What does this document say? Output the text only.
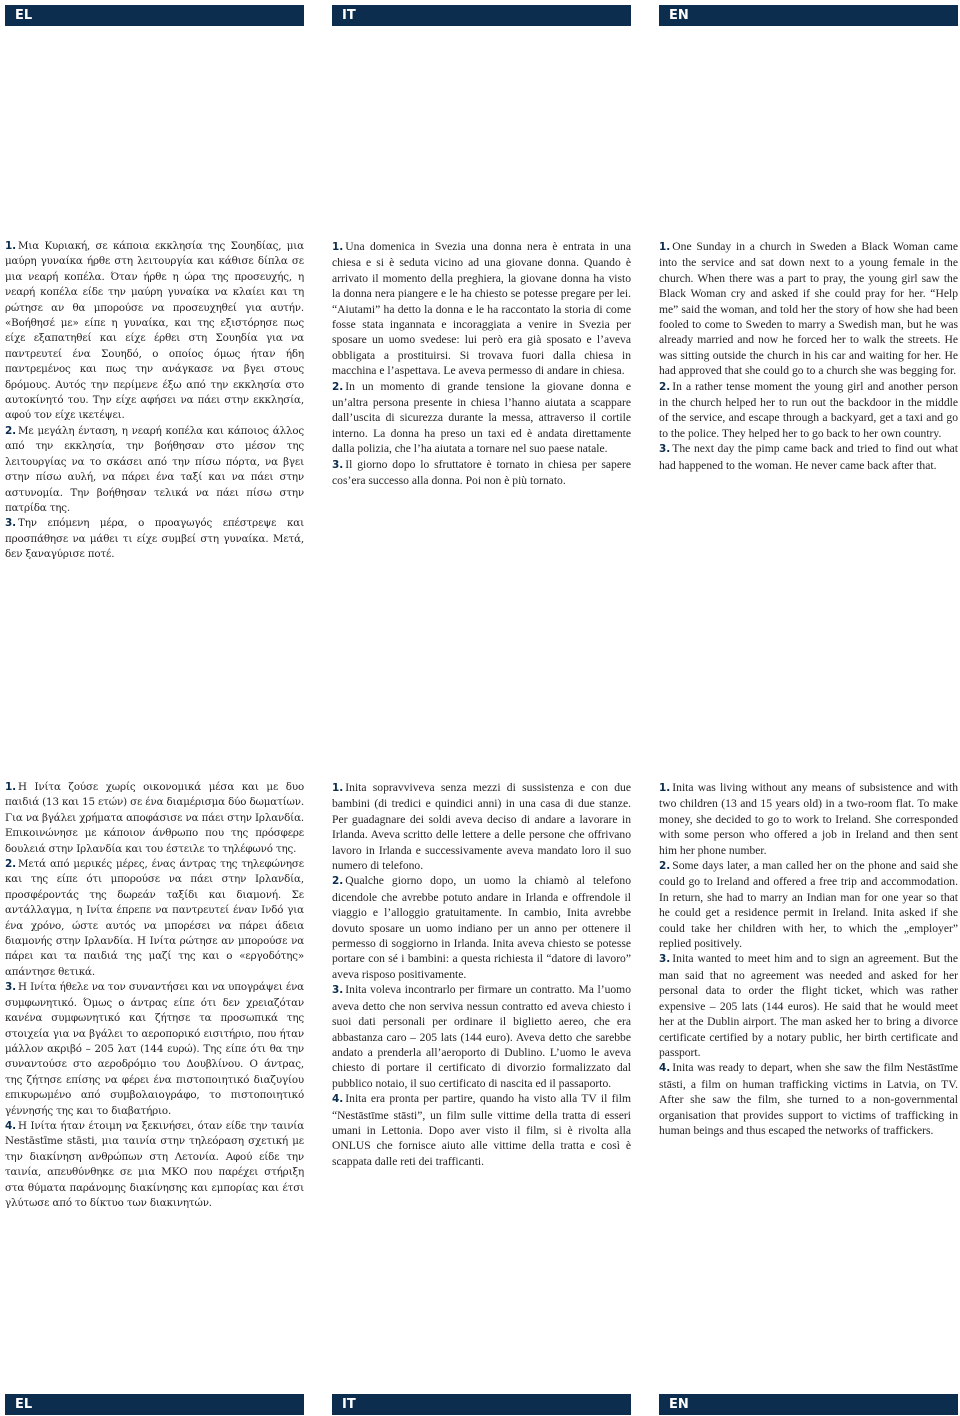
EL	IT	EN

1. Μια Κυριακή, σε κάποια εκκλησία της Σουηδίας, μια μαύρη γυναίκα ήρθε στη λειτουργία και κάθισε δίπλα σε μια νεαρή κοπέλα. Όταν ήρθε η ώρα της προσευχής, η νεαρή κοπέλα είδε την μαύρη γυναίκα να κλαίει και τη ρώτησε αν θα μπορούσε να προσευχηθεί για αυτήν. «Βοήθησέ με» είπε η γυναίκα, και της εξιστόρησε πως είχε εξαπατηθεί και είχε έρθει στη Σουηδία για να παντρευτεί ένα Σουηδό, ο οποίος όμως ήταν ήδη παντρεμένος και πως την ανάγκασε να βγει στους δρόμους. Αυτός την περίμενε έξω από την εκκλησία στο αυτοκίνητό του. Την είχε αφήσει να πάει στην εκκλησία, αφού τον είχε ικετέψει.

2. Με μεγάλη ένταση, η νεαρή κοπέλα και κάποιος άλλος από την εκκλησία, την βοήθησαν στο μέσον της λειτουργίας να το σκάσει από την πίσω πόρτα, να βγει στην πίσω αυλή, να πάρει ένα ταξί και να πάει στην αστυνομία. Την βοήθησαν τελικά να πάει πίσω στην πατρίδα της.

3. Την επόμενη μέρα, ο προαγωγός επέστρεψε και προσπάθησε να μάθει τι είχε συμβεί στη γυναίκα. Μετά, δεν ξαναγύρισε ποτέ.

1. Una domenica in Svezia una donna nera è entrata in una chiesa e si è seduta vicino ad una giovane donna. Quando è arrivato il momento della preghiera, la giovane donna ha visto la donna nera piangere e le ha chiesto se potesse pregare per lei. “Aiutami” ha detto la donna e le ha raccontato la storia di come fosse stata ingannata e incoraggiata a venire in Svezia per sposare un uomo svedese: lui però era già sposato e l’aveva obbligata a prostituirsi. Si trovava fuori dalla chiesa in macchina e l’aspettava. Le aveva permesso di andare in chiesa.

2. In un momento di grande tensione la giovane donna e un’altra persona presente in chiesa l’hanno aiutata a scappare dall’uscita di sicurezza durante la messa, attraverso il cortile interno. La donna ha preso un taxi ed è andata direttamente dalla polizia, che l’ha aiutata a tornare nel suo paese natale.

3. Il giorno dopo lo sfruttatore è tornato in chiesa per sapere cos’era successo alla donna. Poi non è più tornato.

1. One Sunday in a church in Sweden a Black Woman came into the service and sat down next to a young female in the church. When there was a part to pray, the young girl saw the Black Woman cry and asked if she could pray for her. “Help me” said the woman, and told her the story of how she had been fooled to come to Sweden to marry a Swedish man, but he was already married and now he forced her to walk the streets. He was sitting outside the church in his car and waiting for her. He had approved that she could go to a church she was begging for.

2. In a rather tense moment the young girl and another person in the church helped her to run out the backdoor in the middle of the service, and escape through a backyard, get a taxi and go to the police. They helped her to go back to her own country.

3. The next day the pimp came back and tried to find out what had happened to the woman. He never came back after that.

1. Η Ινίτα ζούσε χωρίς οικονομικά μέσα και με δυο παιδιά (13 και 15 ετών) σε ένα διαμέρισμα δύο δωματίων. Για να βγάλει χρήματα αποφάσισε να πάει στην Ιρλανδία. Επικοινώνησε με κάποιον άνθρωπο που της πρόσφερε δουλειά στην Ιρλανδία και του έστειλε το τηλέφωνό της.

2. Μετά από μερικές μέρες, ένας άντρας της τηλεφώνησε και της είπε ότι μπορούσε να πάει στην Ιρλανδία, προσφέροντάς της δωρεάν ταξίδι και διαμονή. Σε αντάλλαγμα, η Ινίτα έπρεπε να παντρευτεί έναν Ινδό για ένα χρόνο, ώστε αυτός να μπορέσει να πάρει άδεια διαμονής στην Ιρλανδία. Η Ινίτα ρώτησε αν μπορούσε να πάρει και τα παιδιά της μαζί της και ο «εργοδότης» απάντησε θετικά.

3. Η Ινίτα ήθελε να τον συναντήσει και να υπογράψει ένα συμφωνητικό. Όμως ο άντρας είπε ότι δεν χρειαζόταν κανένα συμφωνητικό και ζήτησε τα προσωπικά της στοιχεία για να βγάλει το αεροπορικό εισιτήριο, που ήταν μάλλον ακριβό – 205 λατ (144 ευρώ). Της είπε ότι θα την συναντούσε στο αεροδρόμιο του Δουβλίνου. Ο άντρας, της ζήτησε επίσης να φέρει ένα πιστοποιητικό διαζυγίου επικυρωμένο από συμβολαιογράφο, το πιστοποιητικό γέννησής της και το διαβατήριο.

4. Η Ινίτα ήταν έτοιμη να ξεκινήσει, όταν είδε την ταινία Nestāstīme stāsti, μια ταινία στην τηλεόραση σχετική με την διακίνηση ανθρώπων στη Λετονία. Αφού είδε την ταινία, απευθύνθηκε σε μια ΜΚΟ που παρέχει στήριξη στα θύματα παράνομης διακίνησης και εμπορίας και έτσι γλύτωσε από το δίκτυο των διακινητών.

1. Inita sopravviveva senza mezzi di sussistenza e con due bambini (di tredici e quindici anni) in una casa di due stanze. Per guadagnare dei soldi aveva deciso di andare a lavorare in Irlanda. Aveva scritto delle lettere a delle persone che offrivano lavoro in Irlanda e successivamente aveva mandato loro il suo numero di telefono.

2. Qualche giorno dopo, un uomo la chiamò al telefono dicendole che avrebbe potuto andare in Irlanda e offrendole il viaggio e l’alloggio gratuitamente. In cambio, Inita avrebbe dovuto sposare un uomo indiano per un anno per ottenere il permesso di soggiorno in Irlanda. Inita aveva chiesto se potesse portare con sé i bambini: a questa richiesta il “datore di lavoro” aveva risposo positivamente.

3. Inita voleva incontrarlo per firmare un contratto. Ma l’uomo aveva detto che non serviva nessun contratto ed aveva chiesto i suoi dati personali per ordinare il biglietto aereo, che era abbastanza caro – 205 lats (144 euro). Aveva detto che sarebbe andato a prenderla all’aeroporto di Dublino. L’uomo le aveva chiesto di portare il certificato di divorzio formalizzato dal pubblico notaio, il suo certificato di nascita ed il passaporto.

4. Inita era pronta per partire, quando ha visto alla TV il film “Nestāstīme stāsti”, un film sulle vittime della tratta di esseri umani in Lettonia. Dopo aver visto il film, si è rivolta alla ONLUS che fornisce aiuto alle vittime della tratta e così è scappata dalle reti dei trafficanti.

1. Inita was living without any means of subsistence and with two children (13 and 15 years old) in a two-room flat. To make money, she decided to go to work to Ireland. She corresponded with some person who offered a job in Ireland and then sent him her phone number.

2. Some days later, a man called her on the phone and said she could go to Ireland and offered a free trip and accommodation. In return, she had to marry an Indian man for one year so that he could get a residence permit in Ireland. Inita asked if she could take her children with her, to which the „employer” replied positively.

3. Inita wanted to meet him and to sign an agreement. But the man said that no agreement was needed and asked for her personal data to order the flight ticket, which was rather expensive – 205 lats (144 euros). He said that he would meet her at the Dublin airport. The man asked her to bring a divorce certificate certified by a notary public, her birth certificate and passport.

4. Inita was ready to depart, when she saw the film Nestāstīme stāsti, a film on human trafficking victims in Latvia, on TV. After she saw the film, she turned to a non-governmental organisation that provides support to victims of trafficking in human beings and thus escaped the networks of traffickers.

EL	IT	EN
